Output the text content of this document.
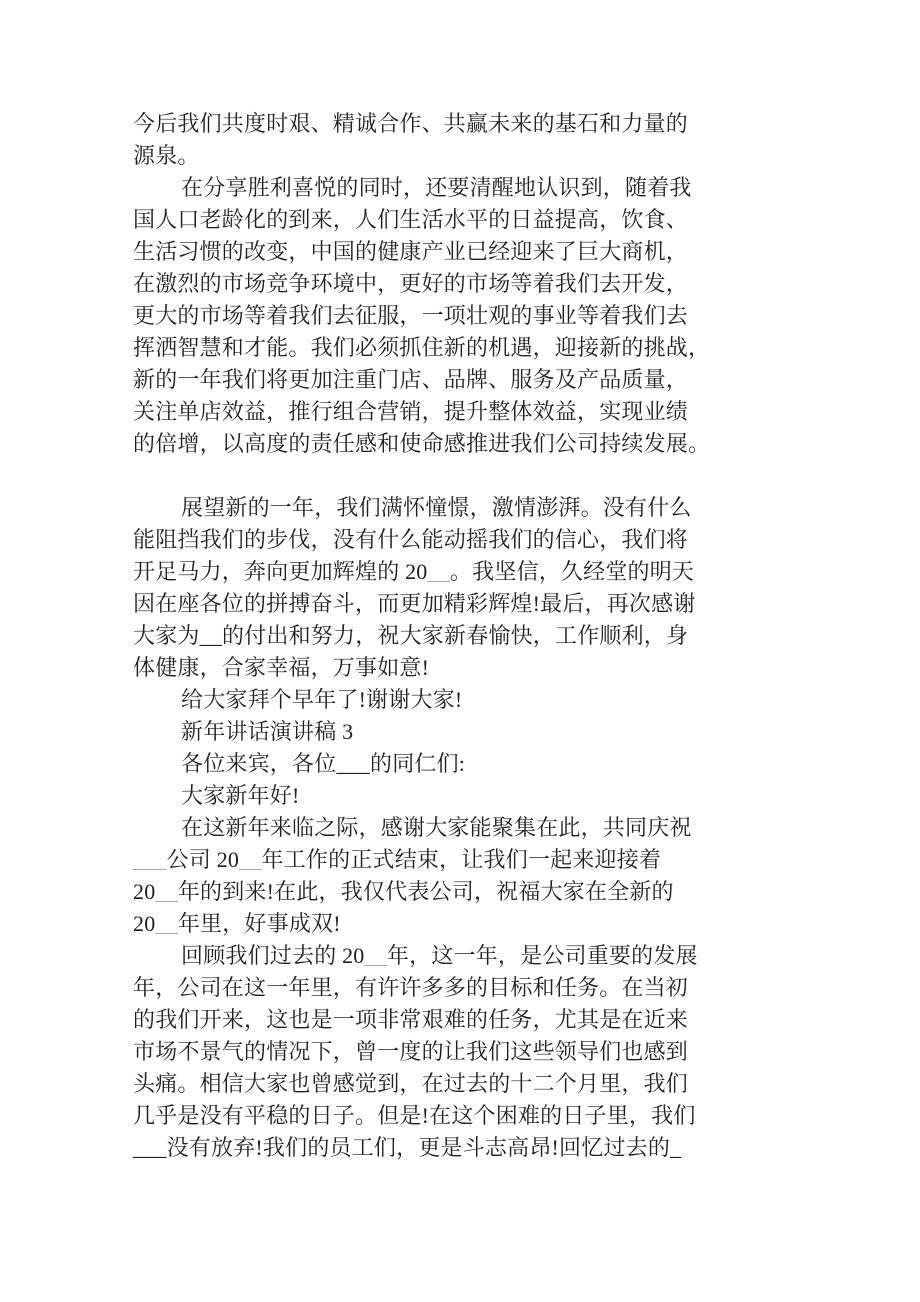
今后我们共度时艰、精诚合作、共赢未来的基石和力量的
源泉。
在分享胜利喜悦的同时，还要清醒地认识到，随着我
国人口老龄化的到来，人们生活水平的日益提高，饮食、
生活习惯的改变，中国的健康产业已经迎来了巨大商机，
在激烈的市场竞争环境中，更好的市场等着我们去开发，
更大的市场等着我们去征服，一项壮观的事业等着我们去
挥洒智慧和才能。我们必须抓住新的机遇，迎接新的挑战，
新的一年我们将更加注重门店、品牌、服务及产品质量，
关注单店效益，推行组合营销，提升整体效益，实现业绩
的倍增，以高度的责任感和使命感推进我们公司持续发展。
展望新的一年，我们满怀憧憬，激情澎湃。没有什么
能阻挡我们的步伐，没有什么能动摇我们的信心，我们将
开足马力，奔向更加辉煌的 20__。我坚信，久经堂的明天
因在座各位的拼搏奋斗，而更加精彩辉煌!最后，再次感谢
大家为__的付出和努力，祝大家新春愉快，工作顺利，身
体健康，合家幸福，万事如意!
给大家拜个早年了!谢谢大家!
新年讲话演讲稿 3
各位来宾，各位___的同仁们:
大家新年好!
在这新年来临之际，感谢大家能聚集在此，共同庆祝
___公司 20__年工作的正式结束，让我们一起来迎接着
20__年的到来!在此，我仅代表公司，祝福大家在全新的
20__年里，好事成双!
回顾我们过去的 20__年，这一年，是公司重要的发展
年，公司在这一年里，有许许多多的目标和任务。在当初
的我们开来，这也是一项非常艰难的任务，尤其是在近来
市场不景气的情况下，曾一度的让我们这些领导们也感到
头痛。相信大家也曾感觉到，在过去的十二个月里，我们
几乎是没有平稳的日子。但是!在这个困难的日子里，我们
___没有放弃!我们的员工们，更是斗志高昂!回忆过去的_
